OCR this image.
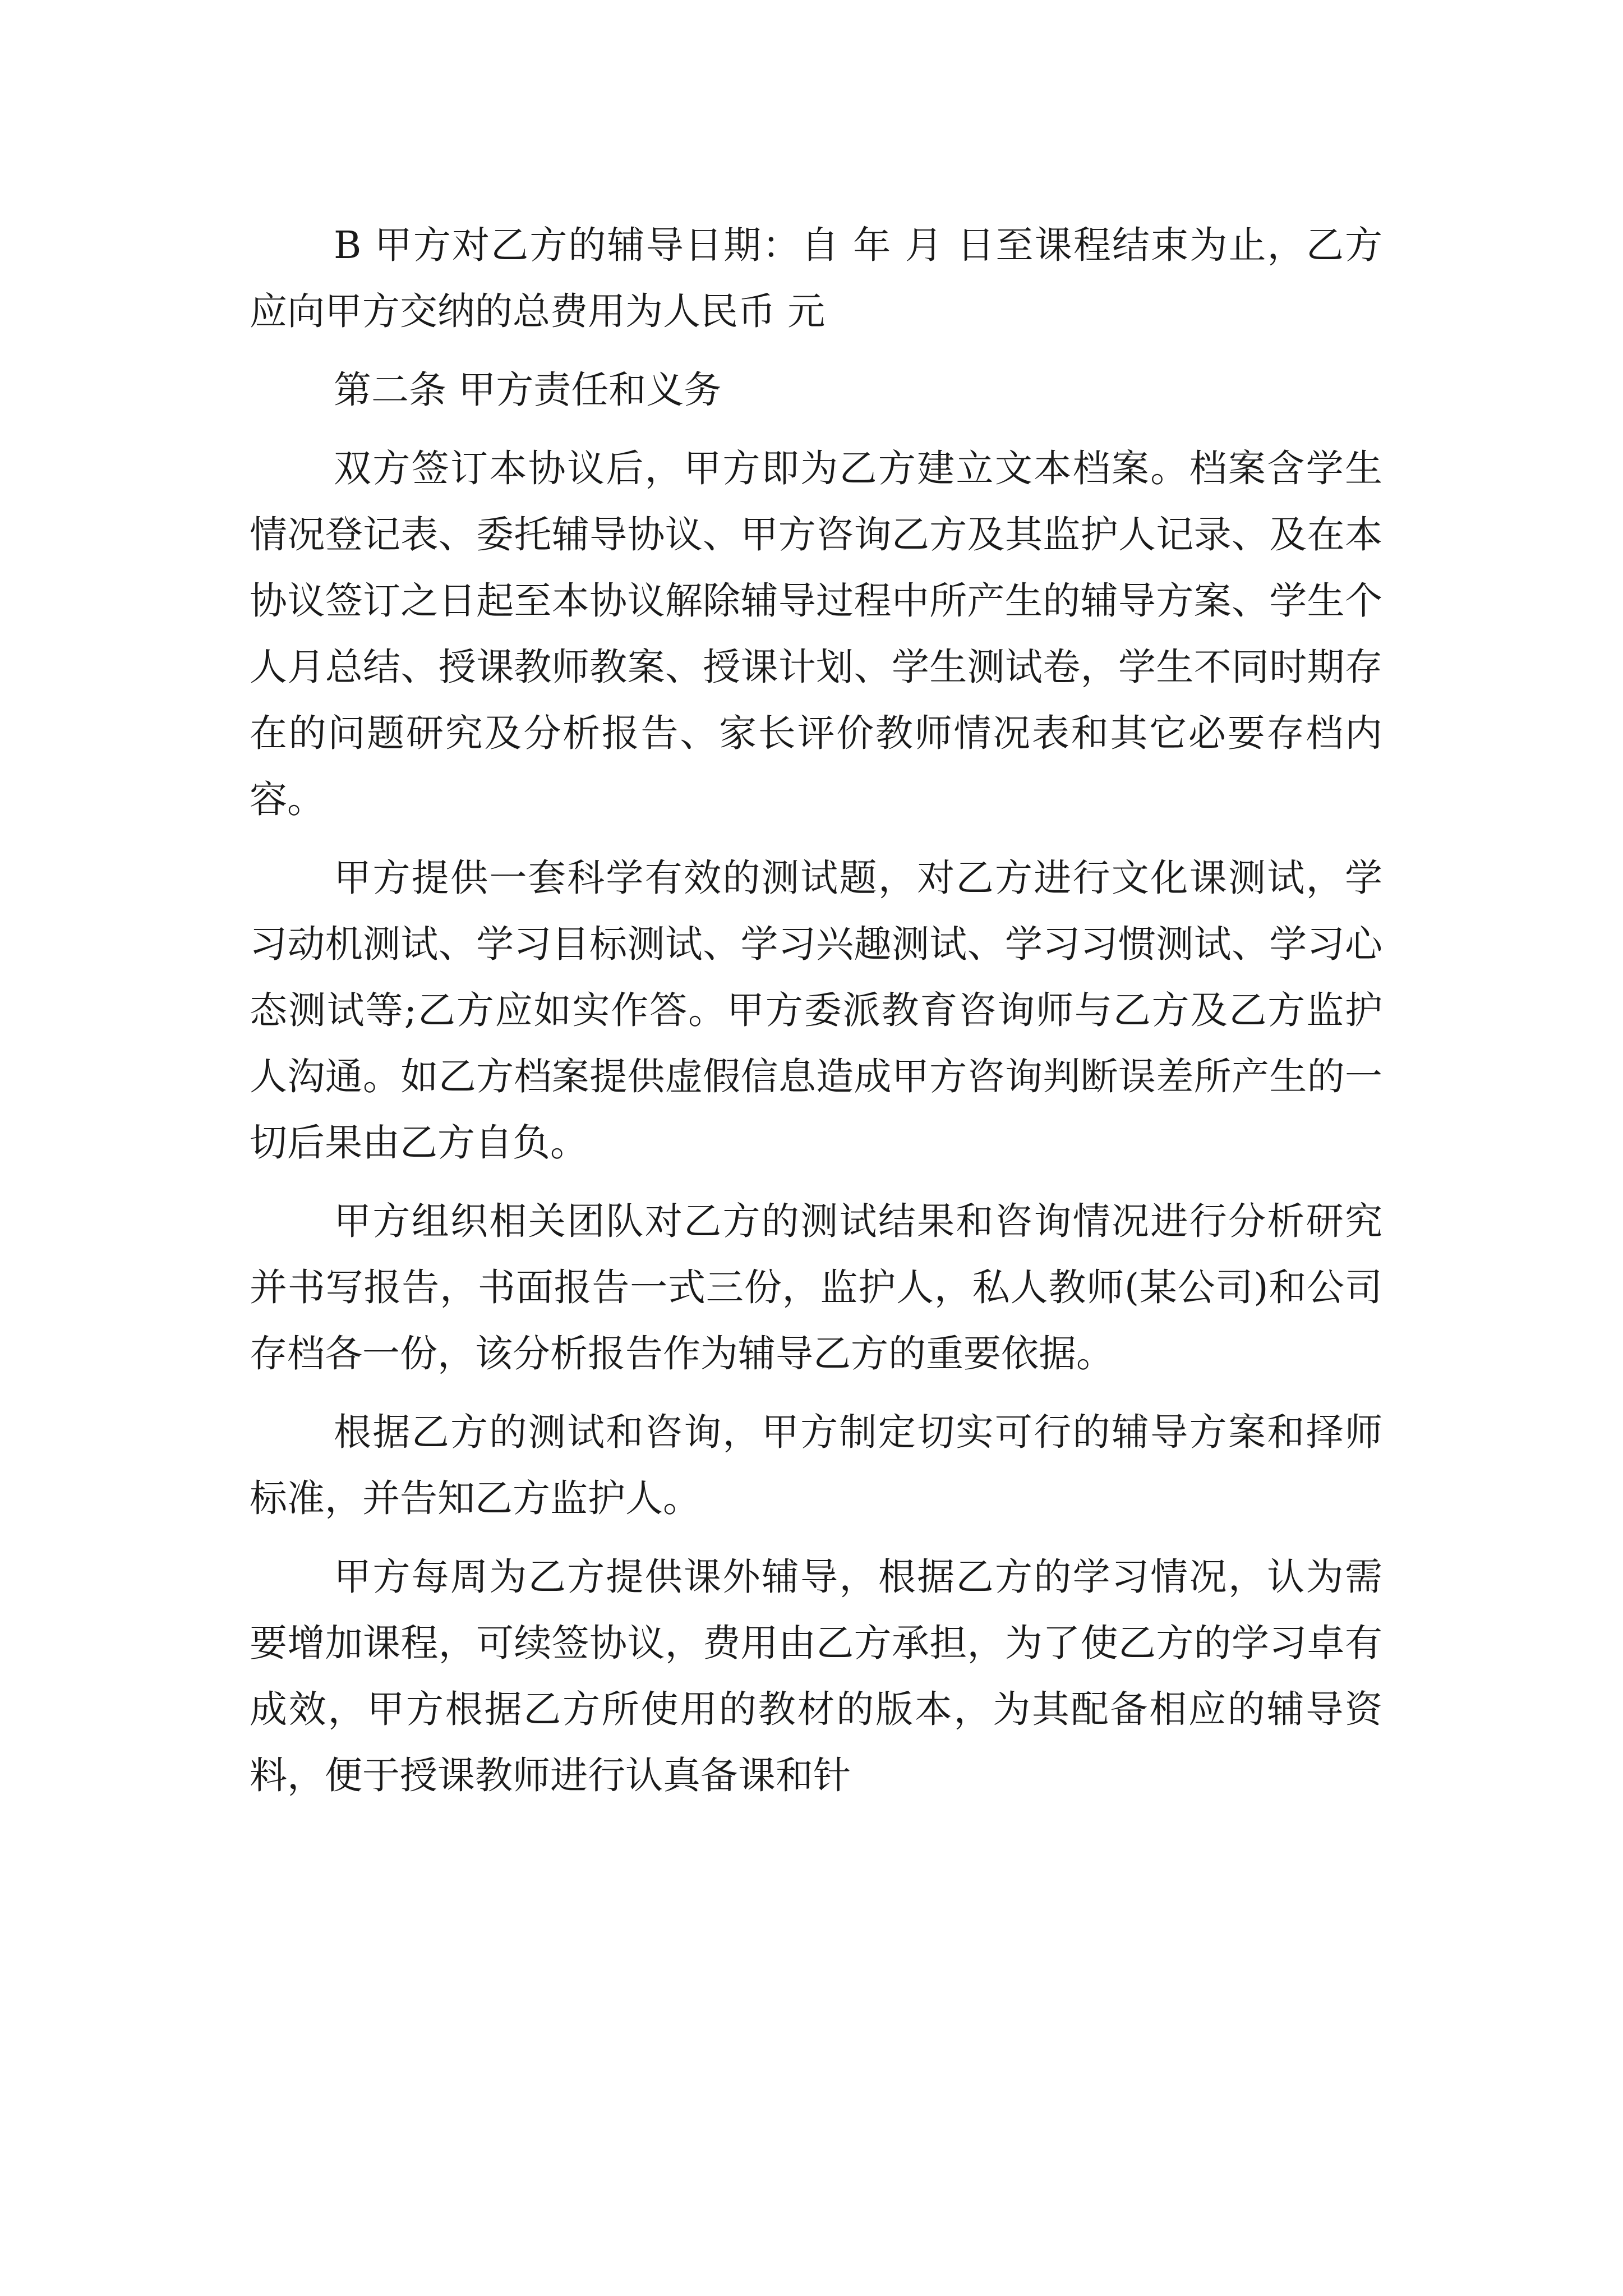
B 甲方对乙方的辅导日期：自 年 月 日至课程结束为止，乙方应向甲方交纳的总费用为人民币 元

第二条 甲方责任和义务

双方签订本协议后，甲方即为乙方建立文本档案。档案含学生情况登记表、委托辅导协议、甲方咨询乙方及其监护人记录、及在本协议签订之日起至本协议解除辅导过程中所产生的辅导方案、学生个人月总结、授课教师教案、授课计划、学生测试卷，学生不同时期存在的问题研究及分析报告、家长评价教师情况表和其它必要存档内容。

甲方提供一套科学有效的测试题，对乙方进行文化课测试，学习动机测试、学习目标测试、学习兴趣测试、学习习惯测试、学习心态测试等;乙方应如实作答。甲方委派教育咨询师与乙方及乙方监护人沟通。如乙方档案提供虚假信息造成甲方咨询判断误差所产生的一切后果由乙方自负。

甲方组织相关团队对乙方的测试结果和咨询情况进行分析研究并书写报告，书面报告一式三份，监护人，私人教师(某公司)和公司存档各一份，该分析报告作为辅导乙方的重要依据。

根据乙方的测试和咨询，甲方制定切实可行的辅导方案和择师标准，并告知乙方监护人。

甲方每周为乙方提供课外辅导，根据乙方的学习情况，认为需要增加课程，可续签协议，费用由乙方承担，为了使乙方的学习卓有成效，甲方根据乙方所使用的教材的版本，为其配备相应的辅导资料，便于授课教师进行认真备课和针
